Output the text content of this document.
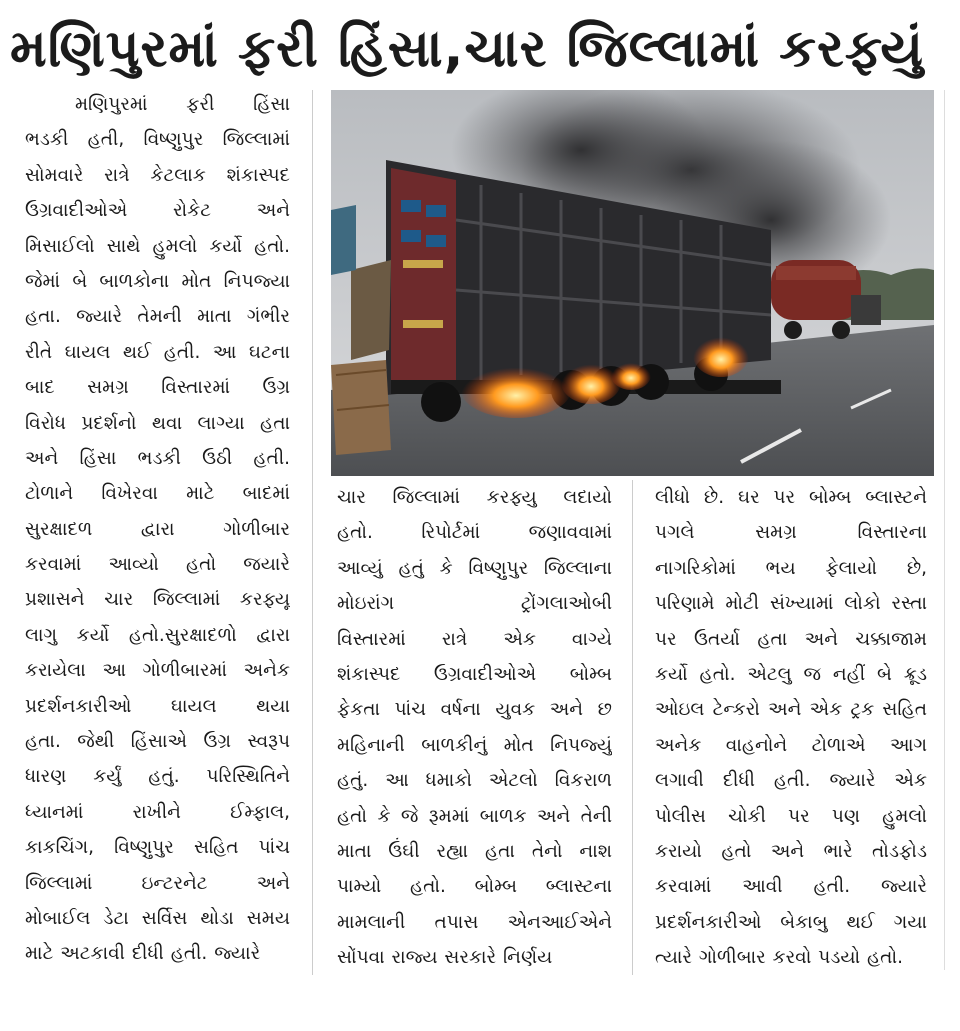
મણિપુરમાં ફરી હિંસા,ચાર જિલ્લામાં કરફ્યું
મણિપુરમાં ફરી હિંસા
ભડકી હતી, વિષ્ણુપુર જિલ્લામાં
સોમવારે રાત્રે કેટલાક શંકાસ્પદ
ઉગ્રવાદીઓએ રોકેટ અને
મિસાઈલો સાથે હુમલો કર્યો હતો.
જેમાં બે બાળકોના મોત નિપજ્યા
હતા. જ્યારે તેમની માતા ગંભીર
રીતે ઘાયલ થઈ હતી. આ ઘટના
બાદ સમગ્ર વિસ્તારમાં ઉગ્ર
વિરોધ પ્રદર્શનો થવા લાગ્યા હતા
અને હિંસા ભડકી ઉઠી હતી.
ટોળાને વિખેરવા માટે બાદમાં
સુરક્ષાદળ દ્વારા ગોળીબાર
કરવામાં આવ્યો હતો જયારે
પ્રશાસને ચાર જિલ્લામાં કરફ્યૂ
લાગુ કર્યો હતો.સુરક્ષાદળો દ્વારા
કરાયેલા આ ગોળીબારમાં અનેક
પ્રદર્શનકારીઓ ઘાયલ થયા
હતા. જેથી હિંસાએ ઉગ્ર સ્વરૂપ
ધારણ કર્યું હતું. પરિસ્થિતિને
ધ્યાનમાં રાખીને ઈમ્ફાલ,
કાકચિંગ, વિષ્ણુપુર સહિત પાંચ
જિલ્લામાં ઇન્ટરનેટ અને
મોબાઈલ ડેટા સર્વિસ થોડા સમય
માટે અટકાવી દીધી હતી. જ્યારે
ચાર જિલ્લામાં કરફ્યુ લદાયો
હતો. રિપોર્ટમાં જણાવવામાં
આવ્યું હતું કે વિષ્ણુપુર જિલ્લાના
મોઇરાંગ ટ્રોંગલાઓબી
વિસ્તારમાં રાત્રે એક વાગ્યે
શંકાસ્પદ ઉગ્રવાદીઓએ બોમ્બ
ફેકતા પાંચ વર્ષના યુવક અને છ
મહિનાની બાળકીનું મોત નિપજ્યું
હતું. આ ધમાકો એટલો વિકરાળ
હતો કે જે રૂમમાં બાળક અને તેની
માતા ઉંઘી રહ્યા હતા તેનો નાશ
પામ્યો હતો. બોમ્બ બ્લાસ્ટના
મામલાની તપાસ એનઆઈએને
સોંપવા રાજ્ય સરકારે નિર્ણય
લીધો છે. ઘર પર બોમ્બ બ્લાસ્ટને
પગલે સમગ્ર વિસ્તારના
નાગરિકોમાં ભય ફેલાયો છે,
પરિણામે મોટી સંખ્યામાં લોકો રસ્તા
પર ઉતર્યા હતા અને ચક્કાજામ
કર્યો હતો. એટલુ જ નહીં બે ક્રૂડ
ઓઇલ ટેન્કરો અને એક ટ્રક સહિત
અનેક વાહનોને ટોળાએ આગ
લગાવી દીધી હતી. જ્યારે એક
પોલીસ ચોકી પર પણ હુમલો
કરાયો હતો અને ભારે તોડફોડ
કરવામાં આવી હતી. જ્યારે
પ્રદર્શનકારીઓ બેકાબુ થઈ ગયા
ત્યારે ગોળીબાર કરવો પડયો હતો.
